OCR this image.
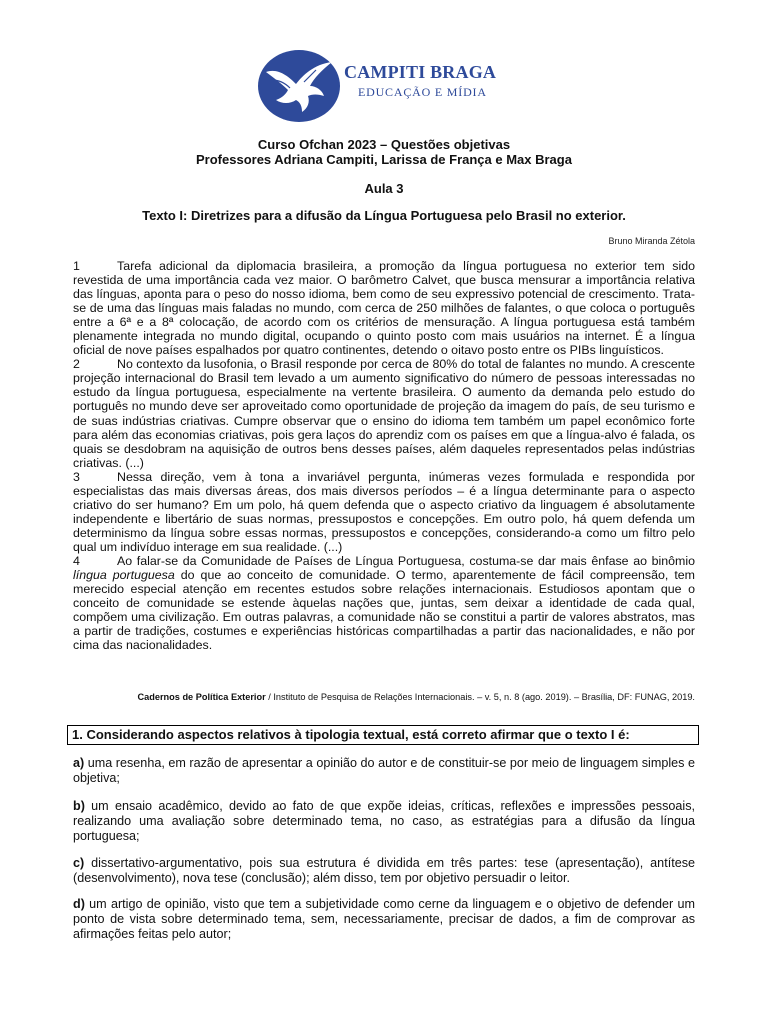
CAMPITI BRAGA
EDUCAÇÃO E MÍDIA
Curso Ofchan 2023 – Questões objetivas
Professores Adriana Campiti, Larissa de França e Max Braga
Aula 3
Texto I: Diretrizes para a difusão da Língua Portuguesa pelo Brasil no exterior.
Bruno Miranda Zétola

1	Tarefa adicional da diplomacia brasileira, a promoção da língua portuguesa no exterior tem sido revestida de uma importância cada vez maior. O barômetro Calvet, que busca mensurar a importância relativa das línguas, aponta para o peso do nosso idioma, bem como de seu expressivo potencial de crescimento. Trata-se de uma das línguas mais faladas no mundo, com cerca de 250 milhões de falantes, o que coloca o português entre a 6ª e a 8ª colocação, de acordo com os critérios de mensuração. A língua portuguesa está também plenamente integrada no mundo digital, ocupando o quinto posto com mais usuários na internet. É a língua oficial de nove países espalhados por quatro continentes, detendo o oitavo posto entre os PIBs linguísticos.

2	No contexto da lusofonia, o Brasil responde por cerca de 80% do total de falantes no mundo. A crescente projeção internacional do Brasil tem levado a um aumento significativo do número de pessoas interessadas no estudo da língua portuguesa, especialmente na vertente brasileira. O aumento da demanda pelo estudo do português no mundo deve ser aproveitado como oportunidade de projeção da imagem do país, de seu turismo e de suas indústrias criativas. Cumpre observar que o ensino do idioma tem também um papel econômico forte para além das economias criativas, pois gera laços do aprendiz com os países em que a língua-alvo é falada, os quais se desdobram na aquisição de outros bens desses países, além daqueles representados pelas indústrias criativas. (...)

3	Nessa direção, vem à tona a invariável pergunta, inúmeras vezes formulada e respondida por especialistas das mais diversas áreas, dos mais diversos períodos – é a língua determinante para o aspecto criativo do ser humano? Em um polo, há quem defenda que o aspecto criativo da linguagem é absolutamente independente e libertário de suas normas, pressupostos e concepções. Em outro polo, há quem defenda um determinismo da língua sobre essas normas, pressupostos e concepções, considerando-a como um filtro pelo qual um indivíduo interage em sua realidade. (...)

4	Ao falar-se da Comunidade de Países de Língua Portuguesa, costuma-se dar mais ênfase ao binômio língua portuguesa do que ao conceito de comunidade. O termo, aparentemente de fácil compreensão, tem merecido especial atenção em recentes estudos sobre relações internacionais. Estudiosos apontam que o conceito de comunidade se estende àquelas nações que, juntas, sem deixar a identidade de cada qual, compõem uma civilização. Em outras palavras, a comunidade não se constitui a partir de valores abstratos, mas a partir de tradições, costumes e experiências históricas compartilhadas a partir das nacionalidades, e não por cima das nacionalidades.

Cadernos de Política Exterior / Instituto de Pesquisa de Relações Internacionais. – v. 5, n. 8 (ago. 2019). – Brasília, DF: FUNAG, 2019.
1. Considerando aspectos relativos à tipologia textual, está correto afirmar que o texto I é:

a) uma resenha, em razão de apresentar a opinião do autor e de constituir-se por meio de linguagem simples e objetiva;

b) um ensaio acadêmico, devido ao fato de que expõe ideias, críticas, reflexões e impressões pessoais, realizando uma avaliação sobre determinado tema, no caso, as estratégias para a difusão da língua portuguesa;

c) dissertativo-argumentativo, pois sua estrutura é dividida em três partes: tese (apresentação), antítese (desenvolvimento), nova tese (conclusão); além disso, tem por objetivo persuadir o leitor.

d) um artigo de opinião, visto que tem a subjetividade como cerne da linguagem e o objetivo de defender um ponto de vista sobre determinado tema, sem, necessariamente, precisar de dados, a fim de comprovar as afirmações feitas pelo autor;
